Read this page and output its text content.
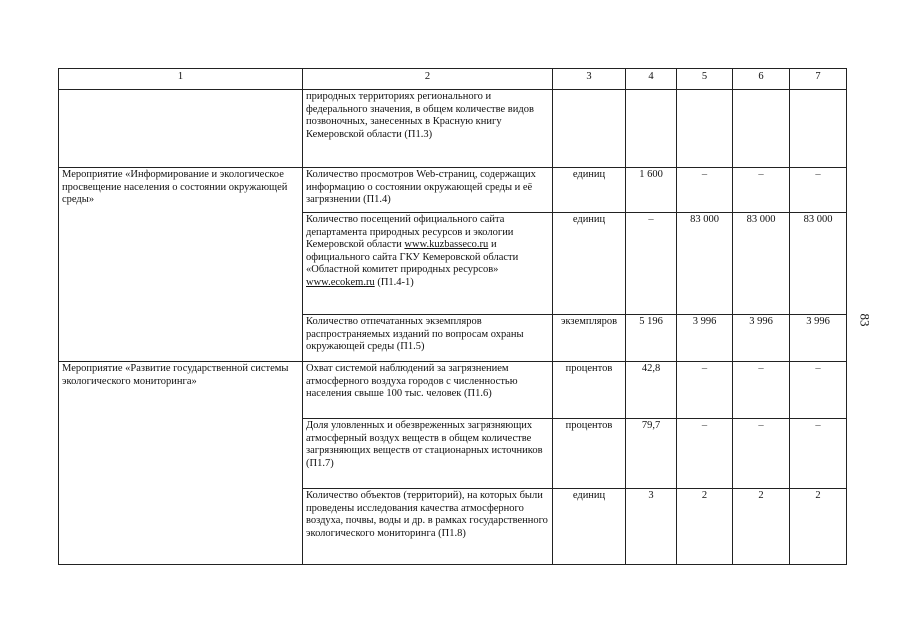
1	2	3	4	5	6	7
	природных территориях регионального и федерального значения, в общем количестве видов позвоночных, занесенных в Красную книгу Кемеровской области (П1.3)					
Мероприятие «Информирование и экологическое просвещение населения о состоянии окружающей среды»	Количество просмотров Web-страниц, содержащих информацию о состоянии окружающей среды и её загрязнении (П1.4)	единиц	1 600	–	–	–
	Количество посещений официального сайта департамента природных ресурсов и экологии Кемеровской области www.kuzbasseco.ru и официального сайта ГКУ Кемеровской области «Областной комитет природных ресурсов» www.ecokem.ru (П1.4-1)	единиц	–	83 000	83 000	83 000
	Количество отпечатанных экземпляров распространяемых изданий по вопросам охраны окружающей среды (П1.5)	экземпляров	5 196	3 996	3 996	3 996
Мероприятие «Развитие государственной системы экологического мониторинга»	Охват системой наблюдений за загрязнением атмосферного воздуха городов с численностью населения свыше 100 тыс. человек (П1.6)	процентов	42,8	–	–	–
	Доля уловленных и обезвреженных загрязняющих атмосферный воздух веществ в общем количестве загрязняющих веществ от стационарных источников (П1.7)	процентов	79,7	–	–	–
	Количество объектов (территорий), на которых были проведены исследования качества атмосферного воздуха, почвы, воды и др. в рамках государственного экологического мониторинга (П1.8)	единиц	3	2	2	2
83
